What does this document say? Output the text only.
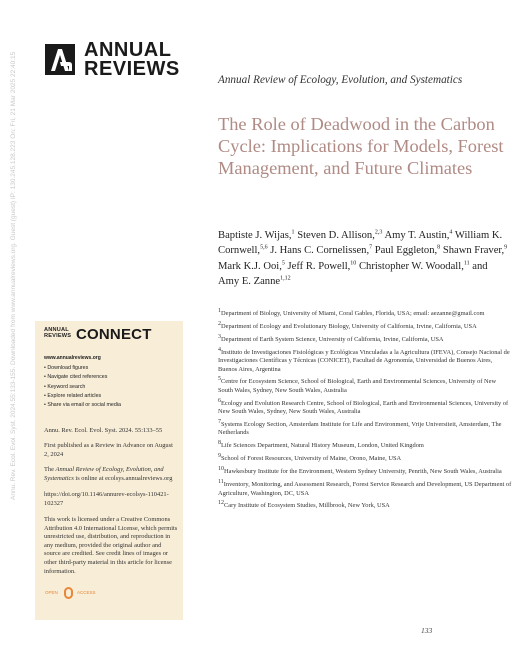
ANNUAL
REVIEWS
Annu. Rev. Ecol. Evol. Syst. 2024.55:133-155. Downloaded from www.annualreviews.org. Guest (guest) IP: 130.245.128.223 On: Fri, 21 Mar 2025 22:40:15	ANNUAL
REVIEWS CONNECT
www.annualreviews.org
• Download figures
• Navigate cited references
• Keyword search
• Explore related articles
• Share via email or social media
Annu. Rev. Ecol. Evol. Syst. 2024. 55:133–55
First published as a Review in Advance on August 2, 2024
The Annual Review of Ecology, Evolution, and Systematics is online at ecolsys.annualreviews.org
https://doi.org/10.1146/annurev-ecolsys-110421-102327
This work is licensed under a Creative Commons Attribution 4.0 International License, which permits unrestricted use, distribution, and reproduction in any medium, provided the original author and source are credited. See credit lines of images or other third-party material in this article for license information.
OPEN	ACCESS
Annual Review of Ecology, Evolution, and Systematics
The Role of Deadwood in the Carbon Cycle: Implications for Models, Forest Management, and Future Climates
Baptiste J. Wijas,$^1$ Steven D. Allison,$^{2,3}$ Amy T. Austin,$^4$ William K. Cornwell,$^{5,6}$ J. Hans C. Cornelissen,$^7$ Paul Eggleton,$^8$ Shawn Fraver,$^9$ Mark K.J. Ooi,$^5$ Jeff R. Powell,$^{10}$ Christopher W. Woodall,$^{11}$ and Amy E. Zanne$^{1,12}$
$^1$Department of Biology, University of Miami, Coral Gables, Florida, USA; email: aezanne@gmail.com
$^2$Department of Ecology and Evolutionary Biology, University of California, Irvine, California, USA
$^3$Department of Earth System Science, University of California, Irvine, California, USA
$^4$Instituto de Investigaciones Fisiológicas y Ecológicas Vinculadas a la Agricultura (IFEVA), Consejo Nacional de Investigaciones Científicas y Técnicas (CONICET), Facultad de Agronomía, Universidad de Buenos Aires, Buenos Aires, Argentina
$^5$Centre for Ecosystem Science, School of Biological, Earth and Environmental Sciences, University of New South Wales, Sydney, New South Wales, Australia
$^6$Ecology and Evolution Research Centre, School of Biological, Earth and Environmental Sciences, University of New South Wales, Sydney, New South Wales, Australia
$^7$Systems Ecology Section, Amsterdam Institute for Life and Environment, Vrije Universiteit, Amsterdam, The Netherlands
$^8$Life Sciences Department, Natural History Museum, London, United Kingdom
$^9$School of Forest Resources, University of Maine, Orono, Maine, USA
$^{10}$Hawkesbury Institute for the Environment, Western Sydney University, Penrith, New South Wales, Australia
$^{11}$Inventory, Monitoring, and Assessment Research, Forest Service Research and Development, US Department of Agriculture, Washington, DC, USA
$^{12}$Cary Institute of Ecosystem Studies, Millbrook, New York, USA
133
